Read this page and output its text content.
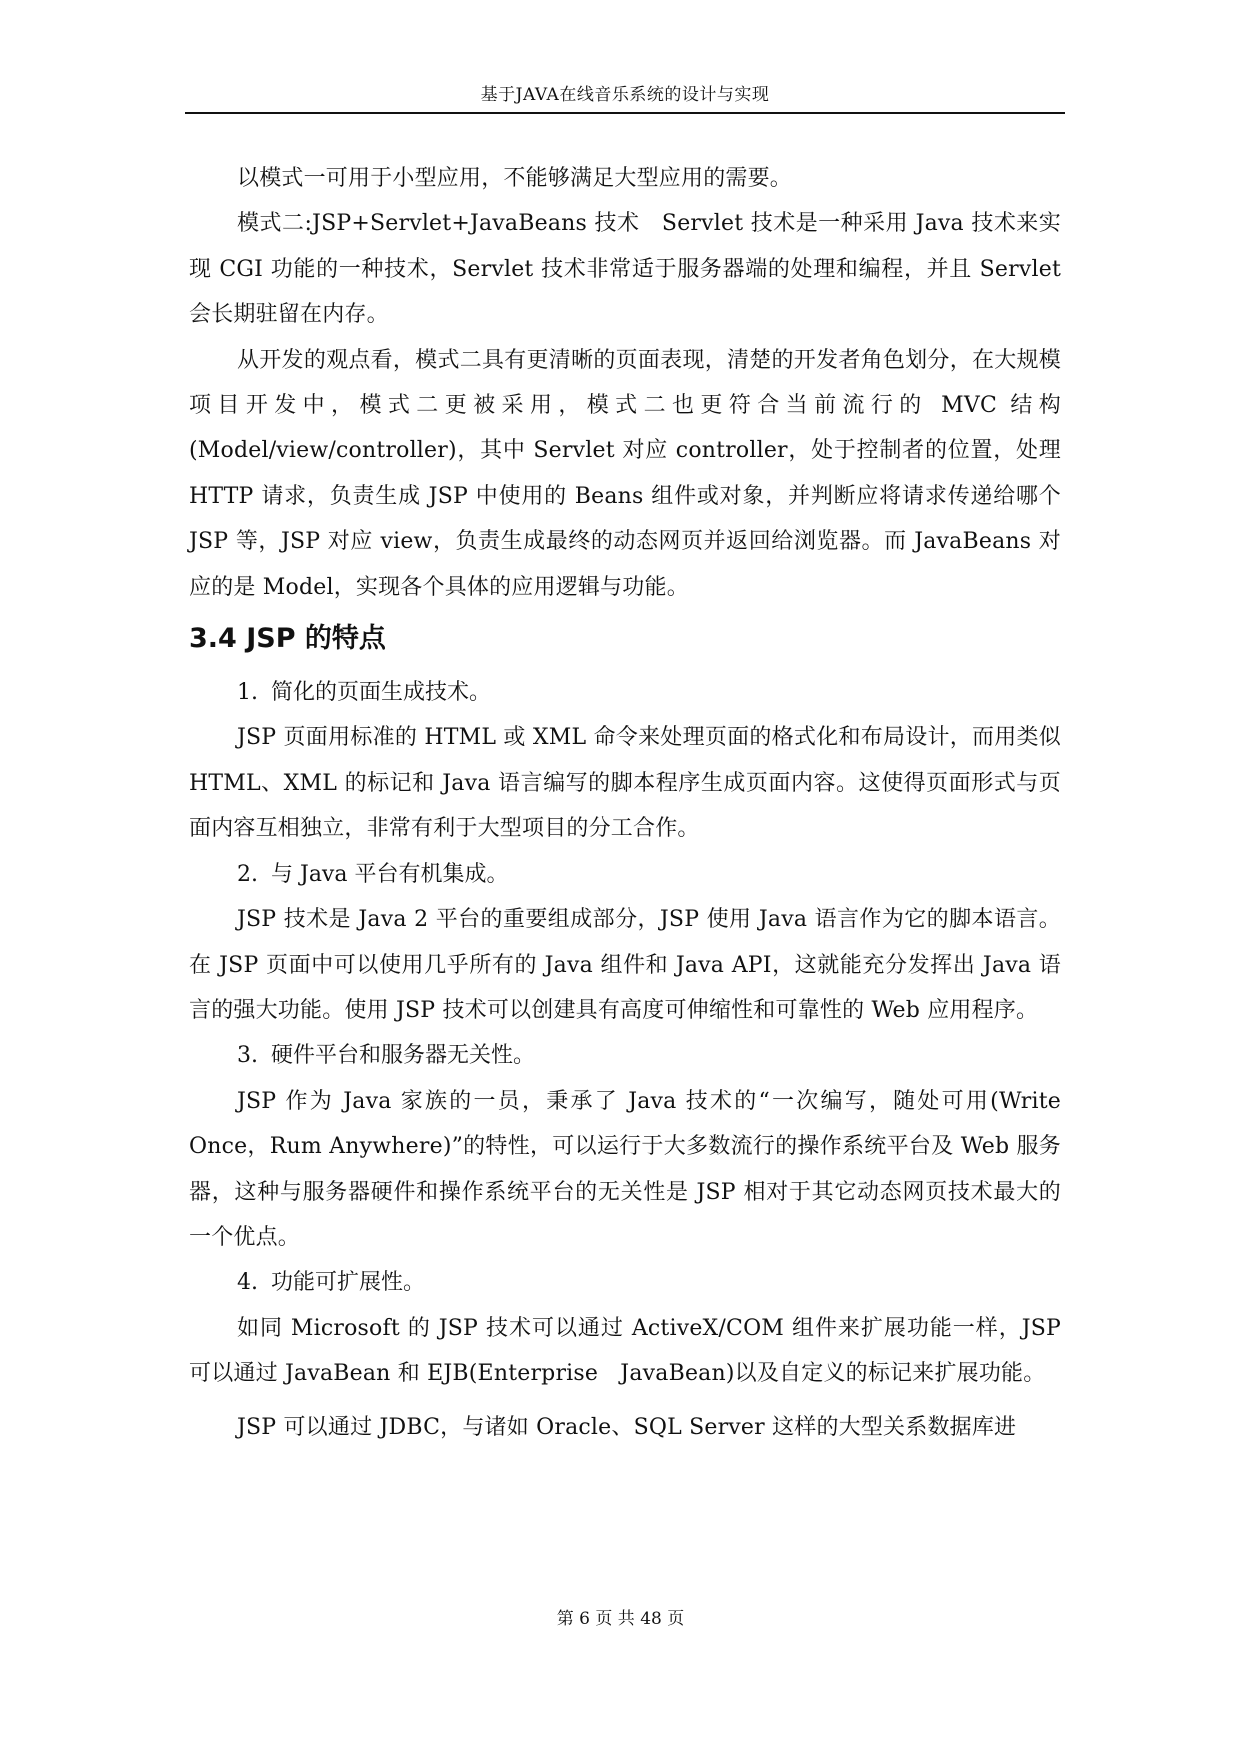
基于JAVA在线音乐系统的设计与实现

以模式一可用于小型应用，不能够满足大型应用的需要。

模式二:JSP+Servlet+JavaBeans 技术　Servlet 技术是一种采用 Java 技术来实现 CGI 功能的一种技术，Servlet 技术非常适于服务器端的处理和编程，并且 Servlet 会长期驻留在内存。

从开发的观点看，模式二具有更清晰的页面表现，清楚的开发者角色划分，在大规模项目开发中，模式二更被采用，模式二也更符合当前流行的 MVC 结构 (Model/view/controller)，其中 Servlet 对应 controller，处于控制者的位置，处理 HTTP 请求，负责生成 JSP 中使用的 Beans 组件或对象，并判断应将请求传递给哪个 JSP 等，JSP 对应 view，负责生成最终的动态网页并返回给浏览器。而 JavaBeans 对应的是 Model，实现各个具体的应用逻辑与功能。

3.4 JSP 的特点

1. 简化的页面生成技术。

JSP 页面用标准的 HTML 或 XML 命令来处理页面的格式化和布局设计，而用类似 HTML、XML 的标记和 Java 语言编写的脚本程序生成页面内容。这使得页面形式与页面内容互相独立，非常有利于大型项目的分工合作。

2. 与 Java 平台有机集成。

JSP 技术是 Java 2 平台的重要组成部分，JSP 使用 Java 语言作为它的脚本语言。在 JSP 页面中可以使用几乎所有的 Java 组件和 Java API，这就能充分发挥出 Java 语言的强大功能。使用 JSP 技术可以创建具有高度可伸缩性和可靠性的 Web 应用程序。

3. 硬件平台和服务器无关性。

JSP 作为 Java 家族的一员，秉承了 Java 技术的“一次编写，随处可用(Write Once，Rum Anywhere)”的特性，可以运行于大多数流行的操作系统平台及 Web 服务器，这种与服务器硬件和操作系统平台的无关性是 JSP 相对于其它动态网页技术最大的一个优点。

4. 功能可扩展性。

如同 Microsoft 的 JSP 技术可以通过 ActiveX/COM 组件来扩展功能一样，JSP 可以通过 JavaBean 和 EJB(Enterprise　JavaBean)以及自定义的标记来扩展功能。

JSP 可以通过 JDBC，与诸如 Oracle、SQL Server 这样的大型关系数据库进

第 6 页 共 48 页
